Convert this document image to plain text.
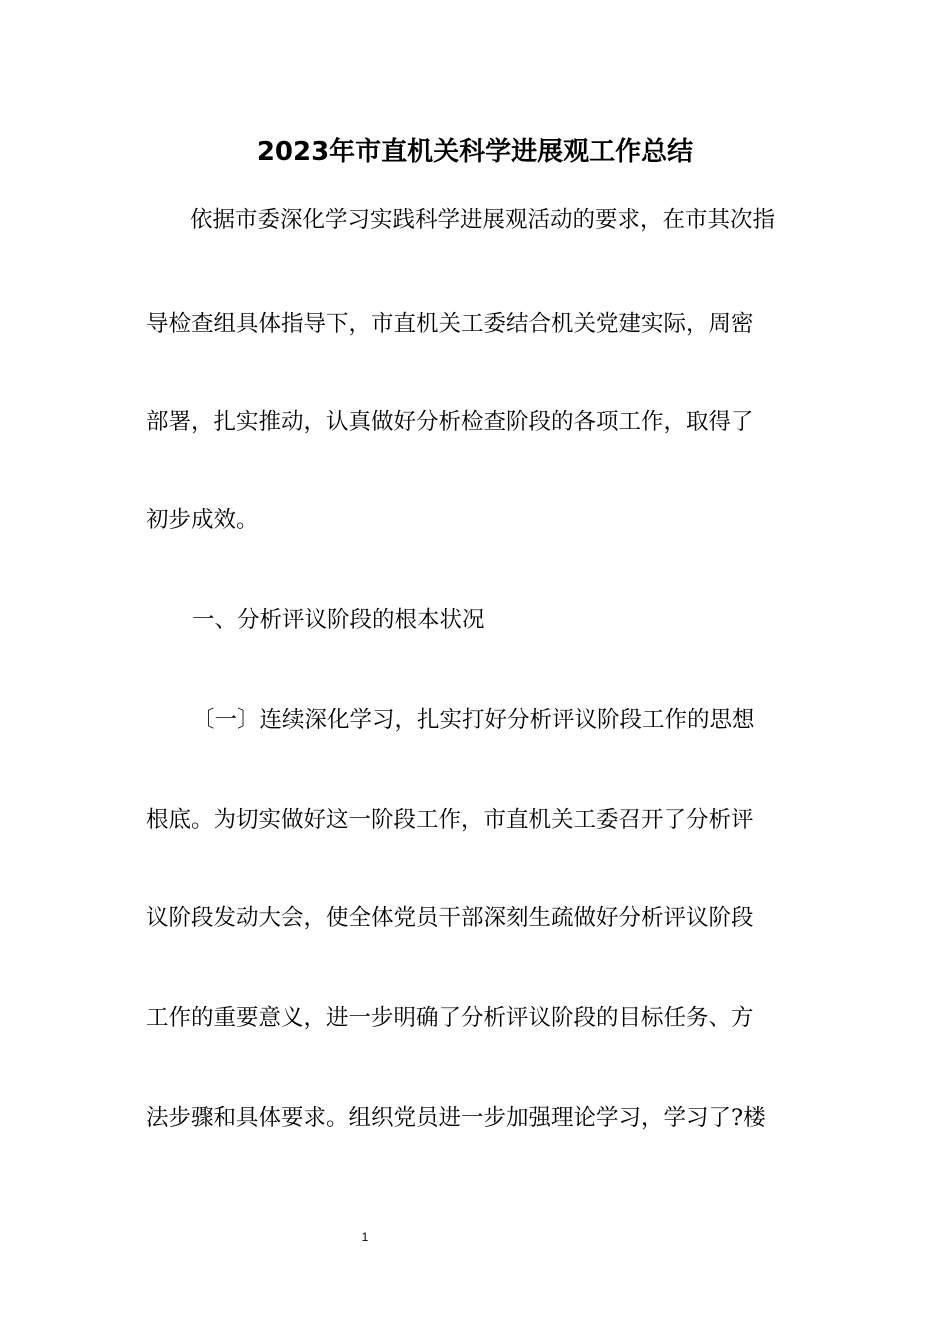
2023年市直机关科学进展观工作总结
依据市委深化学习实践科学进展观活动的要求，在市其次指
导检查组具体指导下，市直机关工委结合机关党建实际，周密
部署，扎实推动，认真做好分析检查阶段的各项工作，取得了
初步成效。
一、分析评议阶段的根本状况
〔一〕连续深化学习，扎实打好分析评议阶段工作的思想
根底。为切实做好这一阶段工作，市直机关工委召开了分析评
议阶段发动大会，使全体党员干部深刻生疏做好分析评议阶段
工作的重要意义，进一步明确了分析评议阶段的目标任务、方
法步骤和具体要求。组织党员进一步加强理论学习，学习了?楼
1
